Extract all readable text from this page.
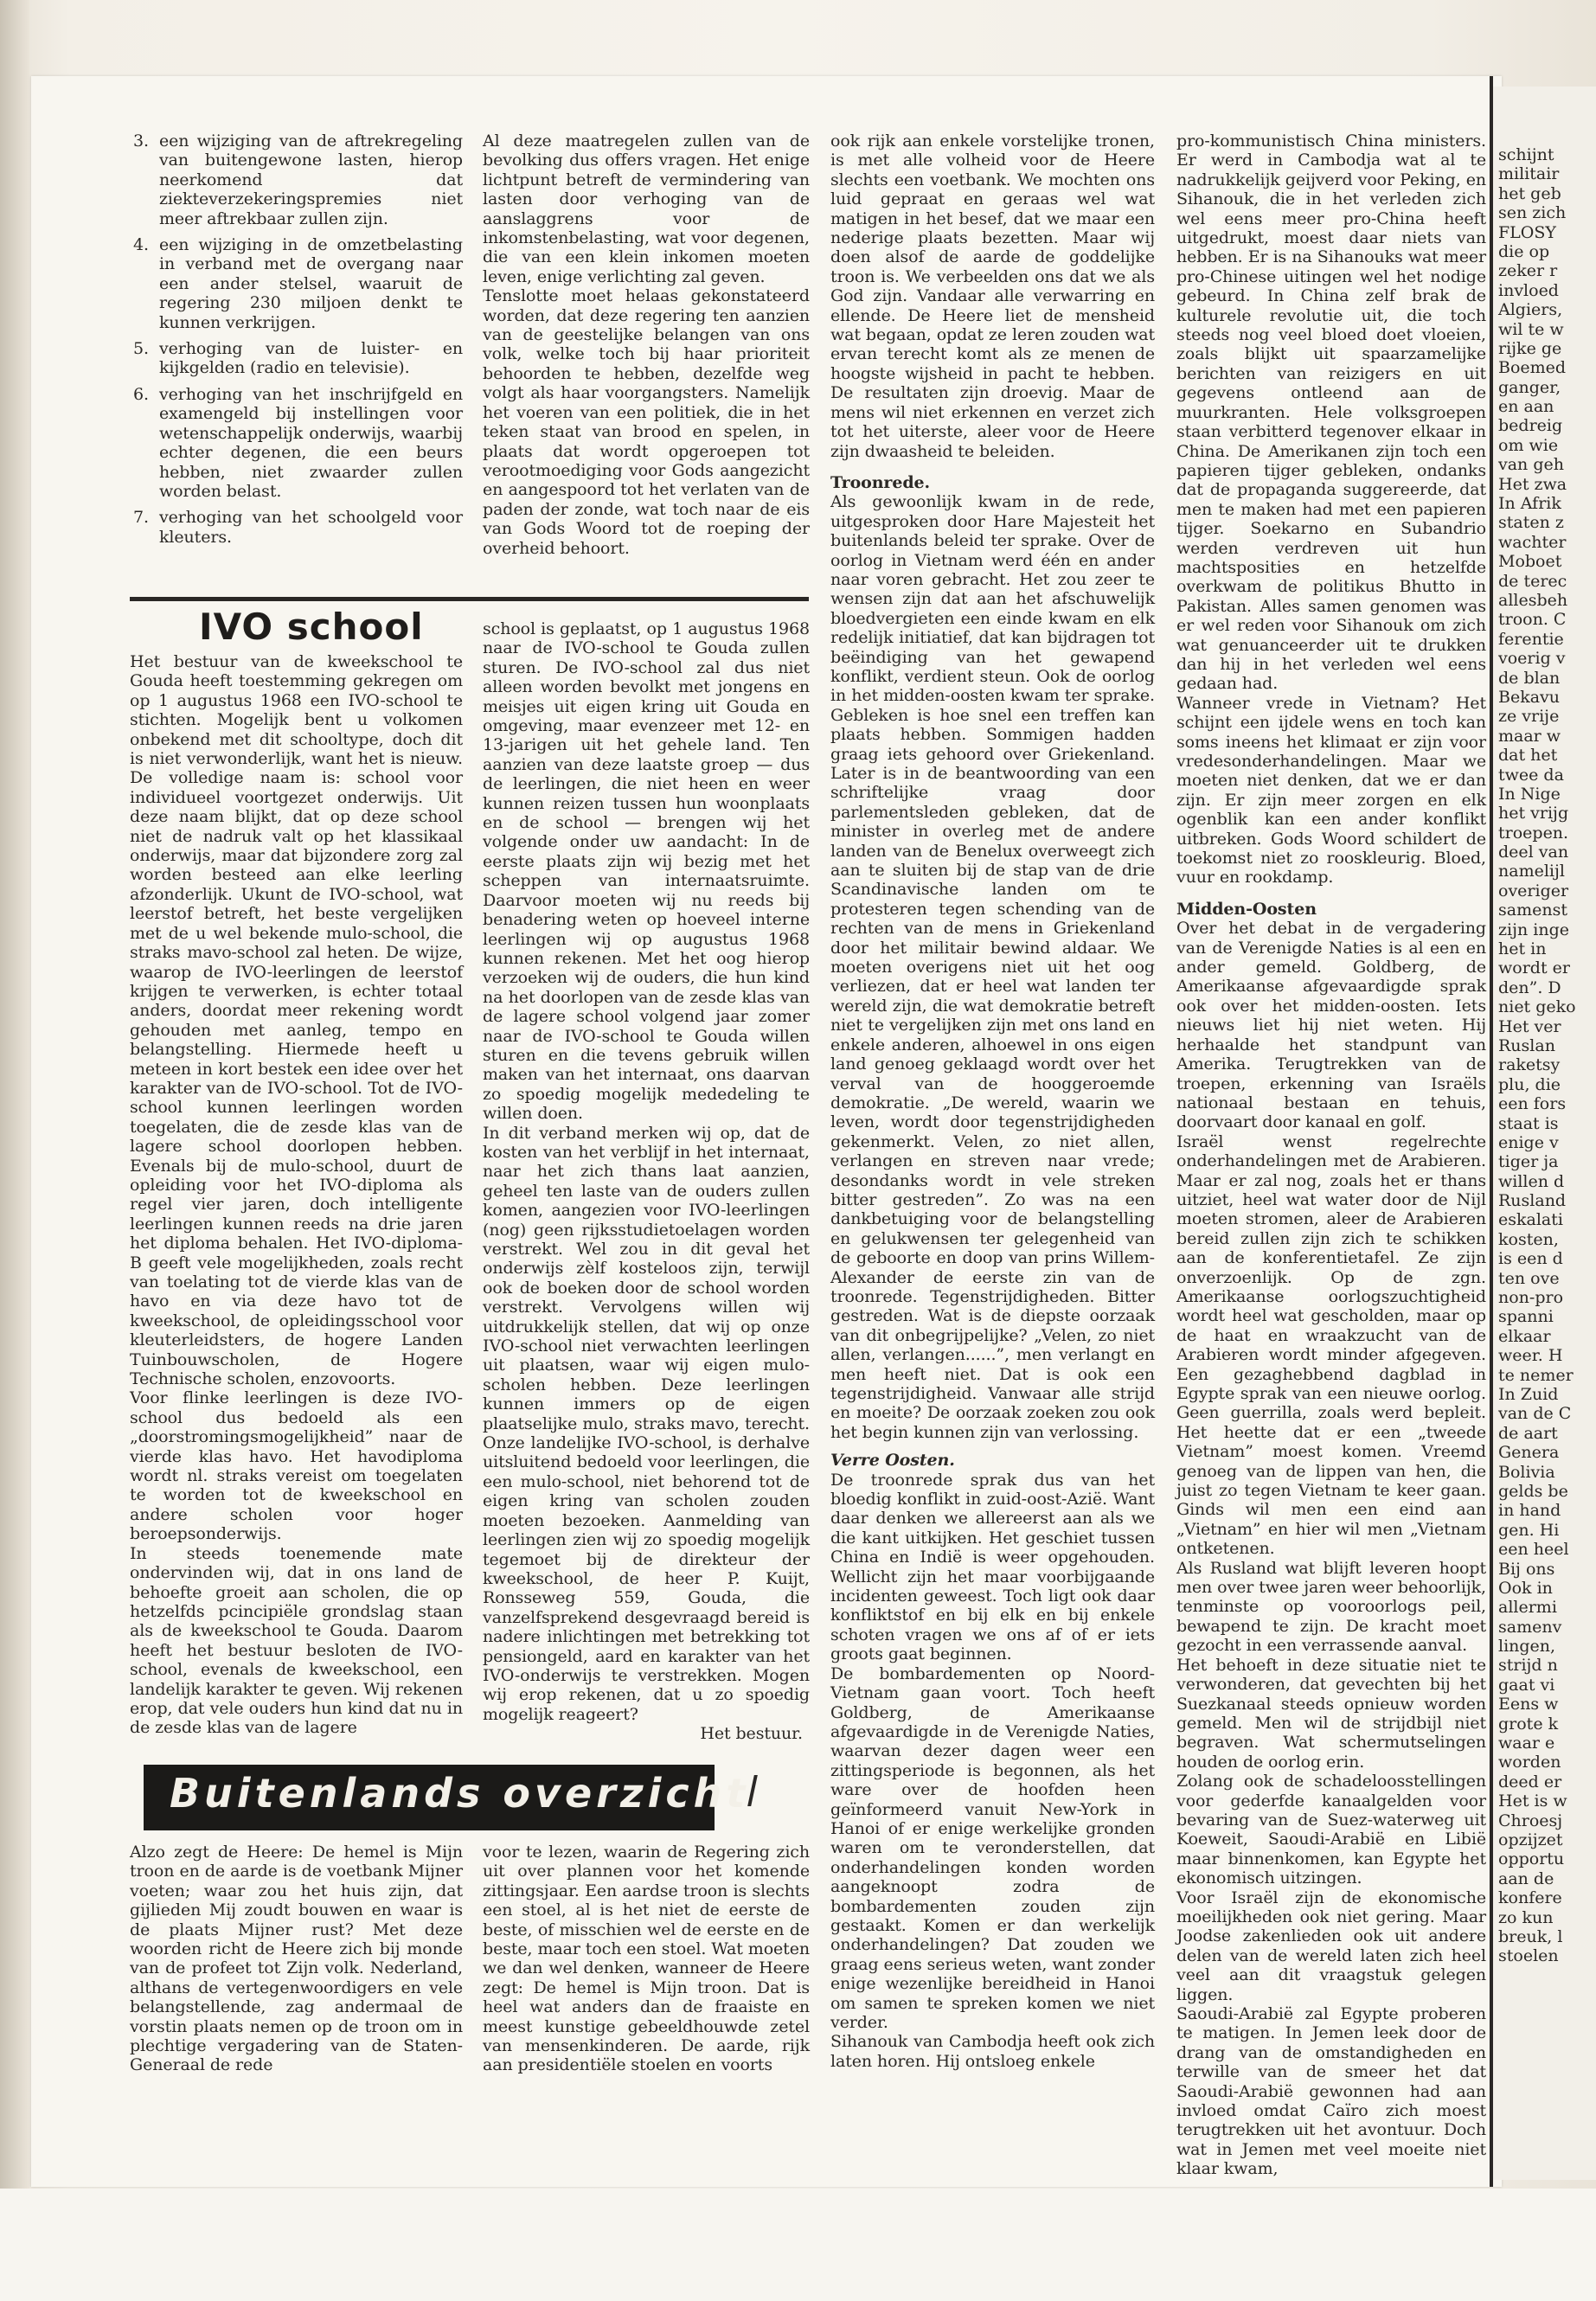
3. een wijziging van de aftrekregeling van buitengewone lasten, hierop neerkomend dat ziekteverzekeringspremies niet meer aftrekbaar zullen zijn.
4. een wijziging in de omzetbelasting in verband met de overgang naar een ander stelsel, waaruit de regering 230 miljoen denkt te kunnen verkrijgen.
5. verhoging van de luister- en kijkgelden (radio en televisie).
6. verhoging van het inschrijfgeld en examengeld bij instellingen voor wetenschappelijk onderwijs, waarbij echter degenen, die een beurs hebben, niet zwaarder zullen worden belast.
7. verhoging van het schoolgeld voor kleuters.

Al deze maatregelen zullen van de bevolking dus offers vragen. Het enige lichtpunt betreft de vermindering van lasten door verhoging van de aanslaggrens voor de inkomstenbelasting, wat voor degenen, die van een klein inkomen moeten leven, enige verlichting zal geven.

Tenslotte moet helaas gekonstateerd worden, dat deze regering ten aanzien van de geestelijke belangen van ons volk, welke toch bij haar prioriteit behoorden te hebben, dezelfde weg volgt als haar voorgangsters. Namelijk het voeren van een politiek, die in het teken staat van brood en spelen, in plaats dat wordt opgeroepen tot verootmoediging voor Gods aangezicht en aangespoord tot het verlaten van de paden der zonde, wat toch naar de eis van Gods Woord tot de roeping der overheid behoort.

IVO school

Het bestuur van de kweekschool te Gouda heeft toestemming gekregen om op 1 augustus 1968 een IVO-school te stichten. Mogelijk bent u volkomen onbekend met dit schooltype, doch dit is niet verwonderlijk, want het is nieuw. De volledige naam is: school voor individueel voortgezet onderwijs. Uit deze naam blijkt, dat op deze school niet de nadruk valt op het klassikaal onderwijs, maar dat bijzondere zorg zal worden besteed aan elke leerling afzonderlijk. Ukunt de IVO-school, wat leerstof betreft, het beste vergelijken met de u wel bekende mulo-school, die straks mavo-school zal heten. De wijze, waarop de IVO-leerlingen de leerstof krijgen te verwerken, is echter totaal anders, doordat meer rekening wordt gehouden met aanleg, tempo en belangstelling. Hiermede heeft u meteen in kort bestek een idee over het karakter van de IVO-school. Tot de IVO-school kunnen leerlingen worden toegelaten, die de zesde klas van de lagere school doorlopen hebben. Evenals bij de mulo-school, duurt de opleiding voor het IVO-diploma als regel vier jaren, doch intelligente leerlingen kunnen reeds na drie jaren het diploma behalen. Het IVO-diploma-B geeft vele mogelijkheden, zoals recht van toelating tot de vierde klas van de havo en via deze havo tot de kweekschool, de opleidingsschool voor kleuterleidsters, de hogere Landen Tuinbouwscholen, de Hogere Technische scholen, enzovoorts.

Voor flinke leerlingen is deze IVO-school dus bedoeld als een „doorstromingsmogelijkheid” naar de vierde klas havo. Het havodiploma wordt nl. straks vereist om toegelaten te worden tot de kweekschool en andere scholen voor hoger beroepsonderwijs.

In steeds toenemende mate ondervinden wij, dat in ons land de behoefte groeit aan scholen, die op hetzelfds pcincipiële grondslag staan als de kweekschool te Gouda. Daarom heeft het bestuur besloten de IVO-school, evenals de kweekschool, een landelijk karakter te geven. Wij rekenen erop, dat vele ouders hun kind dat nu in de zesde klas van de lagere

school is geplaatst, op 1 augustus 1968 naar de IVO-school te Gouda zullen sturen. De IVO-school zal dus niet alleen worden bevolkt met jongens en meisjes uit eigen kring uit Gouda en omgeving, maar evenzeer met 12- en 13-jarigen uit het gehele land. Ten aanzien van deze laatste groep — dus de leerlingen, die niet heen en weer kunnen reizen tussen hun woonplaats en de school — brengen wij het volgende onder uw aandacht: In de eerste plaats zijn wij bezig met het scheppen van internaatsruimte. Daarvoor moeten wij nu reeds bij benadering weten op hoeveel interne leerlingen wij op augustus 1968 kunnen rekenen. Met het oog hierop verzoeken wij de ouders, die hun kind na het doorlopen van de zesde klas van de lagere school volgend jaar zomer naar de IVO-school te Gouda willen sturen en die tevens gebruik willen maken van het internaat, ons daarvan zo spoedig mogelijk mededeling te willen doen.

In dit verband merken wij op, dat de kosten van het verblijf in het internaat, naar het zich thans laat aanzien, geheel ten laste van de ouders zullen komen, aangezien voor IVO-leerlingen (nog) geen rijksstudietoelagen worden verstrekt. Wel zou in dit geval het onderwijs zèlf kosteloos zijn, terwijl ook de boeken door de school worden verstrekt. Vervolgens willen wij uitdrukkelijk stellen, dat wij op onze IVO-school niet verwachten leerlingen uit plaatsen, waar wij eigen mulo-scholen hebben. Deze leerlingen kunnen immers op de eigen plaatselijke mulo, straks mavo, terecht. Onze landelijke IVO-school, is derhalve uitsluitend bedoeld voor leerlingen, die een mulo-school, niet behorend tot de eigen kring van scholen zouden moeten bezoeken. Aanmelding van leerlingen zien wij zo spoedig mogelijk tegemoet bij de direkteur der kweekschool, de heer P. Kuijt, Ronsseweg 559, Gouda, die vanzelfsprekend desgevraagd bereid is nadere inlichtingen met betrekking tot pensiongeld, aard en karakter van het IVO-onderwijs te verstrekken. Mogen wij erop rekenen, dat u zo spoedig mogelijk reageert?

Het bestuur.

Buitenlands overzicht

Alzo zegt de Heere: De hemel is Mijn troon en de aarde is de voetbank Mijner voeten; waar zou het huis zijn, dat gijlieden Mij zoudt bouwen en waar is de plaats Mijner rust? Met deze woorden richt de Heere zich bij monde van de profeet tot Zijn volk. Nederland, althans de vertegenwoordigers en vele belangstellende, zag andermaal de vorstin plaats nemen op de troon om in plechtige vergadering van de Staten-Generaal de rede

voor te lezen, waarin de Regering zich uit over plannen voor het komende zittingsjaar. Een aardse troon is slechts een stoel, al is het niet de eerste de beste, of misschien wel de eerste en de beste, maar toch een stoel. Wat moeten we dan wel denken, wanneer de Heere zegt: De hemel is Mijn troon. Dat is heel wat anders dan de fraaiste en meest kunstige gebeeldhouwde zetel van mensenkinderen. De aarde, rijk aan presidentiële stoelen en voorts

ook rijk aan enkele vorstelijke tronen, is met alle volheid voor de Heere slechts een voetbank. We mochten ons luid gepraat en geraas wel wat matigen in het besef, dat we maar een nederige plaats bezetten. Maar wij doen alsof de aarde de goddelijke troon is. We verbeelden ons dat we als God zijn. Vandaar alle verwarring en ellende. De Heere liet de mensheid wat begaan, opdat ze leren zouden wat ervan terecht komt als ze menen de hoogste wijsheid in pacht te hebben. De resultaten zijn droevig. Maar de mens wil niet erkennen en verzet zich tot het uiterste, aleer voor de Heere zijn dwaasheid te beleiden.

Troonrede.

Als gewoonlijk kwam in de rede, uitgesproken door Hare Majesteit het buitenlands beleid ter sprake. Over de oorlog in Vietnam werd één en ander naar voren gebracht. Het zou zeer te wensen zijn dat aan het afschuwelijk bloedvergieten een einde kwam en elk redelijk initiatief, dat kan bijdragen tot beëindiging van het gewapend konflikt, verdient steun. Ook de oorlog in het midden-oosten kwam ter sprake. Gebleken is hoe snel een treffen kan plaats hebben. Sommigen hadden graag iets gehoord over Griekenland. Later is in de beantwoording van een schriftelijke vraag door parlementsleden gebleken, dat de minister in overleg met de andere landen van de Benelux overweegt zich aan te sluiten bij de stap van de drie Scandinavische landen om te protesteren tegen schending van de rechten van de mens in Griekenland door het militair bewind aldaar. We moeten overigens niet uit het oog verliezen, dat er heel wat landen ter wereld zijn, die wat demokratie betreft niet te vergelijken zijn met ons land en enkele anderen, alhoewel in ons eigen land genoeg geklaagd wordt over het verval van de hooggeroemde demokratie. „De wereld, waarin we leven, wordt door tegenstrijdigheden gekenmerkt. Velen, zo niet allen, verlangen en streven naar vrede; desondanks wordt in vele streken bitter gestreden”. Zo was na een dankbetuiging voor de belangstelling en gelukwensen ter gelegenheid van de geboorte en doop van prins Willem-Alexander de eerste zin van de troonrede. Tegenstrijdigheden. Bitter gestreden. Wat is de diepste oorzaak van dit onbegrijpelijke? „Velen, zo niet allen, verlangen......”, men verlangt en men heeft niet. Dat is ook een tegenstrijdigheid. Vanwaar alle strijd en moeite? De oorzaak zoeken zou ook het begin kunnen zijn van verlossing.

Verre Oosten.

De troonrede sprak dus van het bloedig konflikt in zuid-oost-Azië. Want daar denken we allereerst aan als we die kant uitkijken. Het geschiet tussen China en Indië is weer opgehouden. Wellicht zijn het maar voorbijgaande incidenten geweest. Toch ligt ook daar konfliktstof en bij elk en bij enkele schoten vragen we ons af of er iets groots gaat beginnen.

De bombardementen op Noord-Vietnam gaan voort. Toch heeft Goldberg, de Amerikaanse afgevaardigde in de Verenigde Naties, waarvan dezer dagen weer een zittingsperiode is begonnen, als het ware over de hoofden heen geïnformeerd vanuit New-York in Hanoi of er enige werkelijke gronden waren om te veronderstellen, dat onderhandelingen konden worden aangeknoopt zodra de bombardementen zouden zijn gestaakt. Komen er dan werkelijk onderhandelingen? Dat zouden we graag eens serieus weten, want zonder enige wezenlijke bereidheid in Hanoi om samen te spreken komen we niet verder.

Sihanouk van Cambodja heeft ook zich laten horen. Hij ontsloeg enkele

pro-kommunistisch China ministers. Er werd in Cambodja wat al te nadrukkelijk geijverd voor Peking, en Sihanouk, die in het verleden zich wel eens meer pro-China heeft uitgedrukt, moest daar niets van hebben. Er is na Sihanouks wat meer pro-Chinese uitingen wel het nodige gebeurd. In China zelf brak de kulturele revolutie uit, die toch steeds nog veel bloed doet vloeien, zoals blijkt uit spaarzamelijke berichten van reizigers en uit gegevens ontleend aan de muurkranten. Hele volksgroepen staan verbitterd tegenover elkaar in China. De Amerikanen zijn toch een papieren tijger gebleken, ondanks dat de propaganda suggereerde, dat men te maken had met een papieren tijger. Soekarno en Subandrio werden verdreven uit hun machtsposities en hetzelfde overkwam de politikus Bhutto in Pakistan. Alles samen genomen was er wel reden voor Sihanouk om zich wat genuanceerder uit te drukken dan hij in het verleden wel eens gedaan had.

Wanneer vrede in Vietnam? Het schijnt een ijdele wens en toch kan soms ineens het klimaat er zijn voor vredesonderhandelingen. Maar we moeten niet denken, dat we er dan zijn. Er zijn meer zorgen en elk ogenblik kan een ander konflikt uitbreken. Gods Woord schildert de toekomst niet zo rooskleurig. Bloed, vuur en rookdamp.

Midden-Oosten

Over het debat in de vergadering van de Verenigde Naties is al een en ander gemeld. Goldberg, de Amerikaanse afgevaardigde sprak ook over het midden-oosten. Iets nieuws liet hij niet weten. Hij herhaalde het standpunt van Amerika. Terugtrekken van de troepen, erkenning van Israëls nationaal bestaan en tehuis, doorvaart door kanaal en golf.

Israël wenst regelrechte onderhandelingen met de Arabieren. Maar er zal nog, zoals het er thans uitziet, heel wat water door de Nijl moeten stromen, aleer de Arabieren bereid zullen zijn zich te schikken aan de konferentietafel. Ze zijn onverzoenlijk. Op de zgn. Amerikaanse oorlogszuchtigheid wordt heel wat gescholden, maar op de haat en wraakzucht van de Arabieren wordt minder afgegeven. Een gezaghebbend dagblad in Egypte sprak van een nieuwe oorlog. Geen guerrilla, zoals werd bepleit. Het heette dat er een „tweede Vietnam” moest komen. Vreemd genoeg van de lippen van hen, die juist zo tegen Vietnam te keer gaan. Ginds wil men een eind aan „Vietnam” en hier wil men „Vietnam ontketenen.

Als Rusland wat blijft leveren hoopt men over twee jaren weer behoorlijk, tenminste op vooroorlogs peil, bewapend te zijn. De kracht moet gezocht in een verrassende aanval.

Het behoeft in deze situatie niet te verwonderen, dat gevechten bij het Suezkanaal steeds opnieuw worden gemeld. Men wil de strijdbijl niet begraven. Wat schermutselingen houden de oorlog erin.

Zolang ook de schadeloosstellingen voor gederfde kanaalgelden voor bevaring van de Suez-waterweg uit Koeweit, Saoudi-Arabië en Libië maar binnenkomen, kan Egypte het ekonomisch uitzingen.

Voor Israël zijn de ekonomische moeilijkheden ook niet gering. Maar Joodse zakenlieden ook uit andere delen van de wereld laten zich heel veel aan dit vraagstuk gelegen liggen.

Saoudi-Arabië zal Egypte proberen te matigen. In Jemen leek door de drang van de omstandigheden en terwille van de smeer het dat Saoudi-Arabië gewonnen had aan invloed omdat Caïro zich moest terugtrekken uit het avontuur. Doch wat in Jemen met veel moeite niet klaar kwam,

schijnt
militair
het geb
sen zich
FLOSY
die op
zeker r
invloed
Algiers,
wil te w
rijke ge
Boemed
ganger,
en aan
bedreig
om wie
van geh
Het zwa
In Afrik
staten z
wachter
Moboet
de terec
allesbeh
troon. C
ferentie
voerig v
de blan
Bekavu
ze vrije
maar w
dat het
twee da
In Nige
het vrijg
troepen.
deel van
namelijl
overiger
samenst
zijn inge
het in
wordt er
den”. D
niet geko
Het ver
Ruslan
raketsy
plu, die
een fors
staat is
enige v
tiger ja
willen d
Rusland
eskalati
kosten,
is een d
ten ove
non-pro
spanni
elkaar
weer. H
te nemer
In Zuid
van de C
de aart
Genera
Bolivia
gelds be
in hand
gen. Hi
een heel
Bij ons
Ook in
allermi
samenv
lingen,
strijd n
gaat vi
Eens w
grote k
waar e
worden
deed er
Het is w
Chroesj
opzijzet
opportu
aan de
konfere
zo kun
breuk, l
stoelen
